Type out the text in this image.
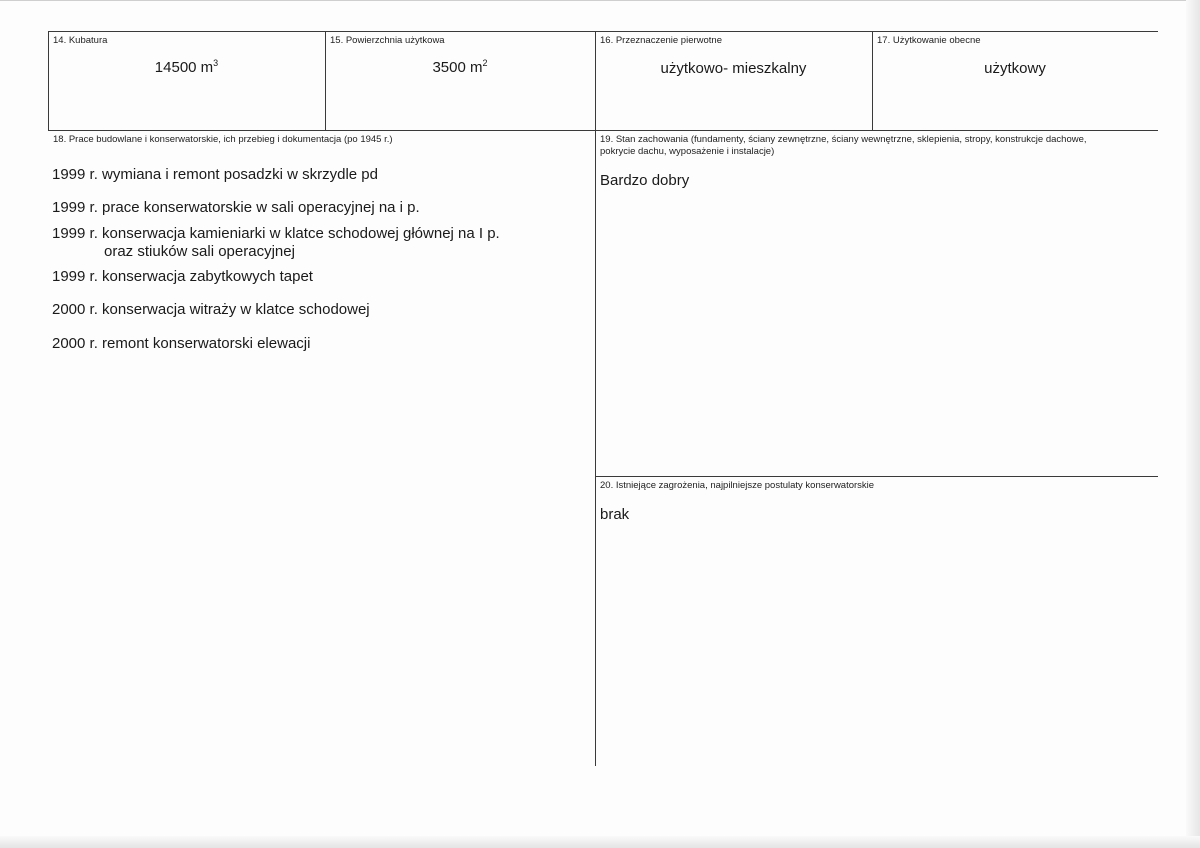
14. Kubatura
14500 $m^3$
15. Powierzchnia użytkowa
3500 $m^2$
16. Przeznaczenie pierwotne
użytkowo- mieszkalny
17. Użytkowanie obecne
użytkowy
18. Prace budowlane i konserwatorskie, ich przebieg i dokumentacja (po 1945 r.)
1999 r. wymiana i remont posadzki w skrzydle pd
1999 r. prace konserwatorskie w sali operacyjnej na i p.
1999 r. konserwacja kamieniarki w klatce schodowej głównej na I p.
oraz stiuków sali operacyjnej
1999 r. konserwacja zabytkowych tapet
2000 r. konserwacja witraży w klatce schodowej
2000 r. remont konserwatorski elewacji
19. Stan zachowania (fundamenty, ściany zewnętrzne, ściany wewnętrzne, sklepienia, stropy, konstrukcje dachowe, pokrycie dachu, wyposażenie i instalacje)
Bardzo dobry
20. Istniejące zagrożenia, najpilniejsze postulaty konserwatorskie
brak
